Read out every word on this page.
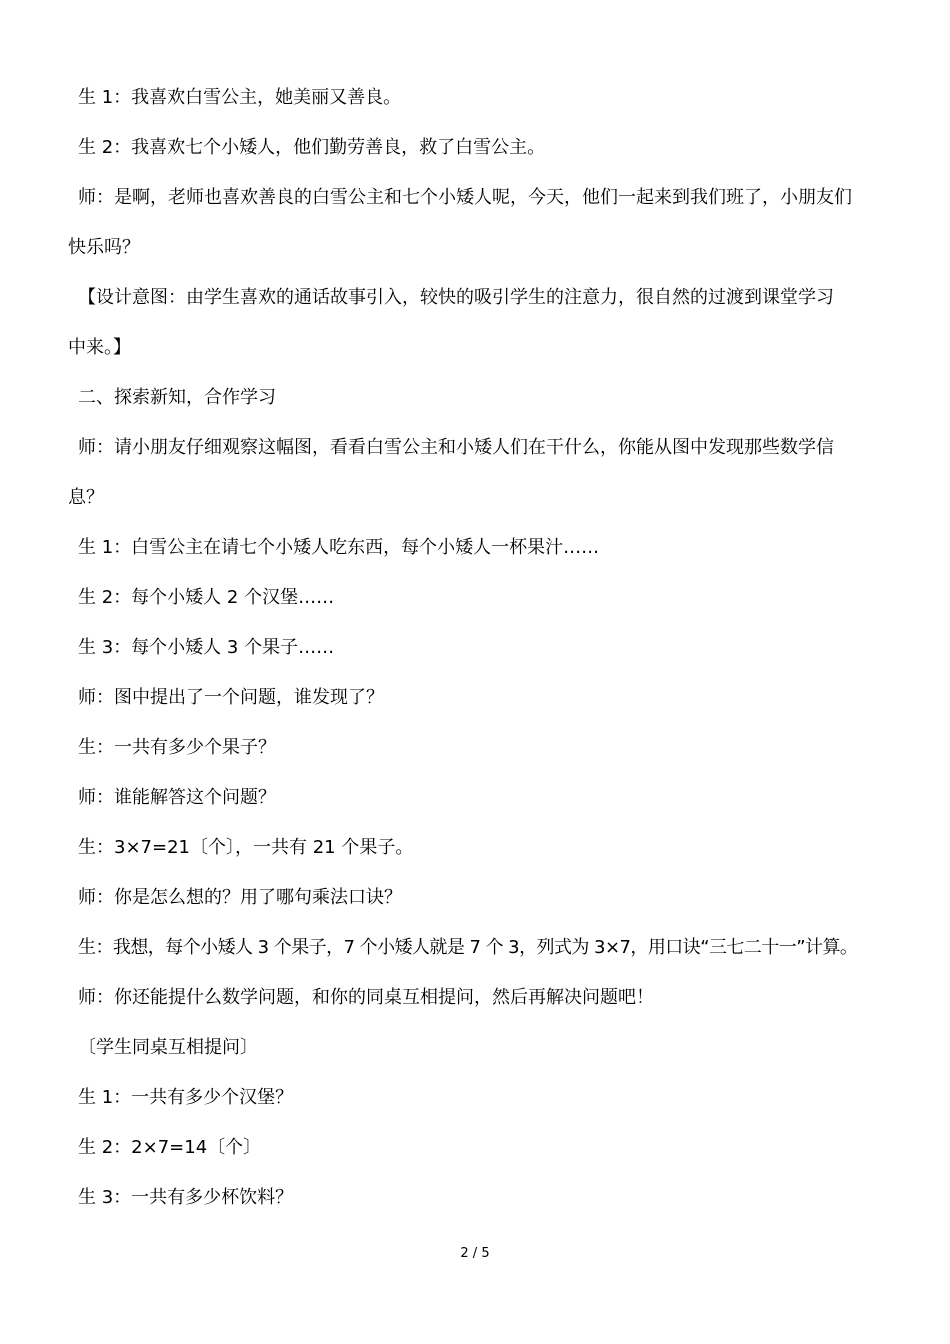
生 1：我喜欢白雪公主，她美丽又善良。
生 2：我喜欢七个小矮人，他们勤劳善良，救了白雪公主。
师：是啊，老师也喜欢善良的白雪公主和七个小矮人呢，今天，他们一起来到我们班了，小朋友们
快乐吗？
【设计意图：由学生喜欢的通话故事引入，较快的吸引学生的注意力，很自然的过渡到课堂学习
中来。】
二、探索新知，合作学习
师：请小朋友仔细观察这幅图，看看白雪公主和小矮人们在干什么，你能从图中发现那些数学信
息？
生 1：白雪公主在请七个小矮人吃东西，每个小矮人一杯果汁……
生 2：每个小矮人 2 个汉堡……
生 3：每个小矮人 3 个果子……
师：图中提出了一个问题，谁发现了？
生：一共有多少个果子？
师：谁能解答这个问题？
生：3×7=21〔个〕，一共有 21 个果子。
师：你是怎么想的？用了哪句乘法口诀？
生：我想，每个小矮人 3 个果子，7 个小矮人就是 7 个 3，列式为 3×7，用口诀“三七二十一”计算。
师：你还能提什么数学问题，和你的同桌互相提问，然后再解决问题吧！
〔学生同桌互相提问〕
生 1：一共有多少个汉堡？
生 2：2×7=14〔个〕
生 3：一共有多少杯饮料？
2 / 5
